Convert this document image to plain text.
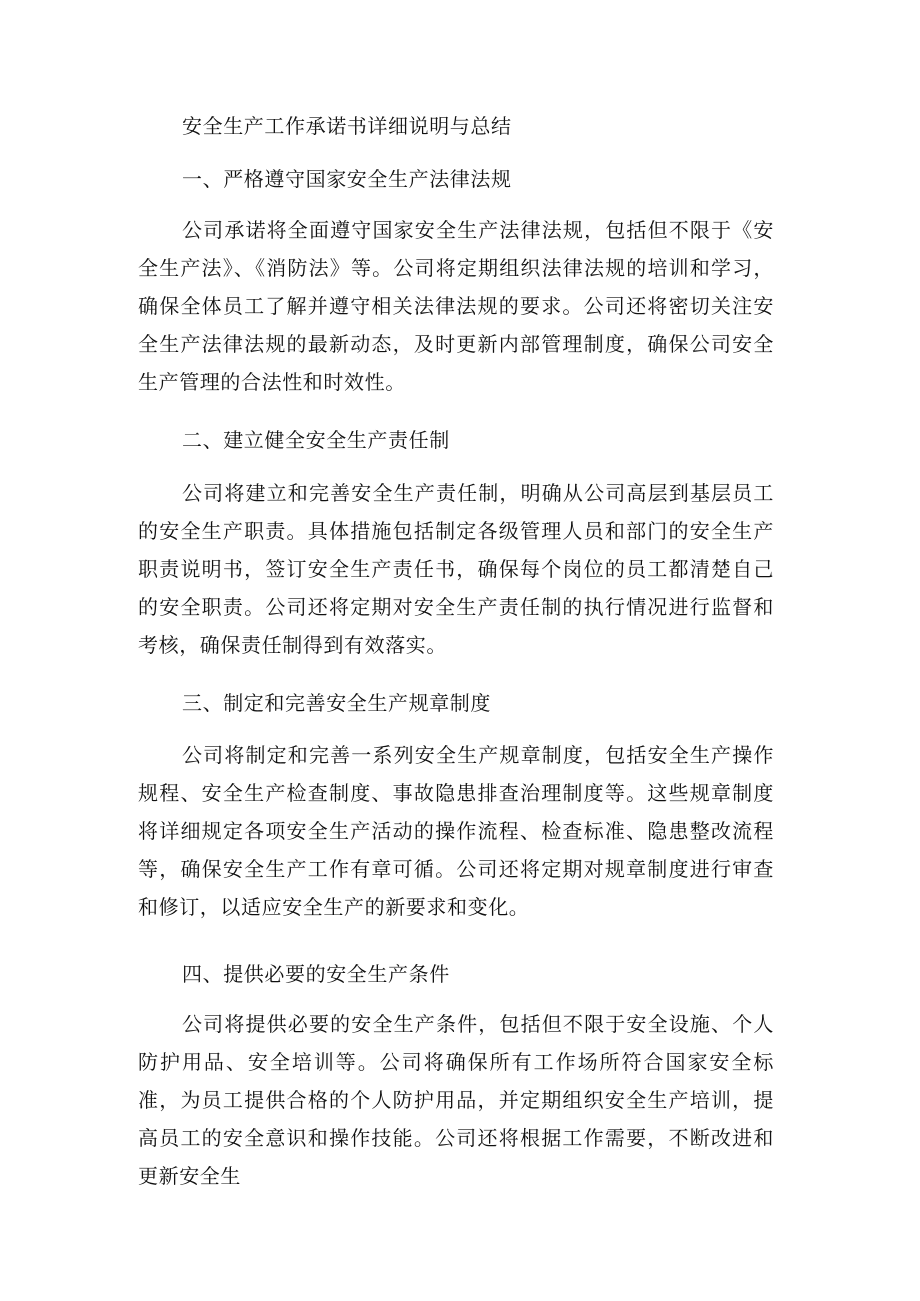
安全生产工作承诺书详细说明与总结

一、严格遵守国家安全生产法律法规

公司承诺将全面遵守国家安全生产法律法规，包括但不限于《安全生产法》、《消防法》等。公司将定期组织法律法规的培训和学习，确保全体员工了解并遵守相关法律法规的要求。公司还将密切关注安全生产法律法规的最新动态，及时更新内部管理制度，确保公司安全生产管理的合法性和时效性。

二、建立健全安全生产责任制

公司将建立和完善安全生产责任制，明确从公司高层到基层员工的安全生产职责。具体措施包括制定各级管理人员和部门的安全生产职责说明书，签订安全生产责任书，确保每个岗位的员工都清楚自己的安全职责。公司还将定期对安全生产责任制的执行情况进行监督和考核，确保责任制得到有效落实。

三、制定和完善安全生产规章制度

公司将制定和完善一系列安全生产规章制度，包括安全生产操作规程、安全生产检查制度、事故隐患排查治理制度等。这些规章制度将详细规定各项安全生产活动的操作流程、检查标准、隐患整改流程等，确保安全生产工作有章可循。公司还将定期对规章制度进行审查和修订，以适应安全生产的新要求和变化。

四、提供必要的安全生产条件

公司将提供必要的安全生产条件，包括但不限于安全设施、个人防护用品、安全培训等。公司将确保所有工作场所符合国家安全标准，为员工提供合格的个人防护用品，并定期组织安全生产培训，提高员工的安全意识和操作技能。公司还将根据工作需要，不断改进和更新安全生
